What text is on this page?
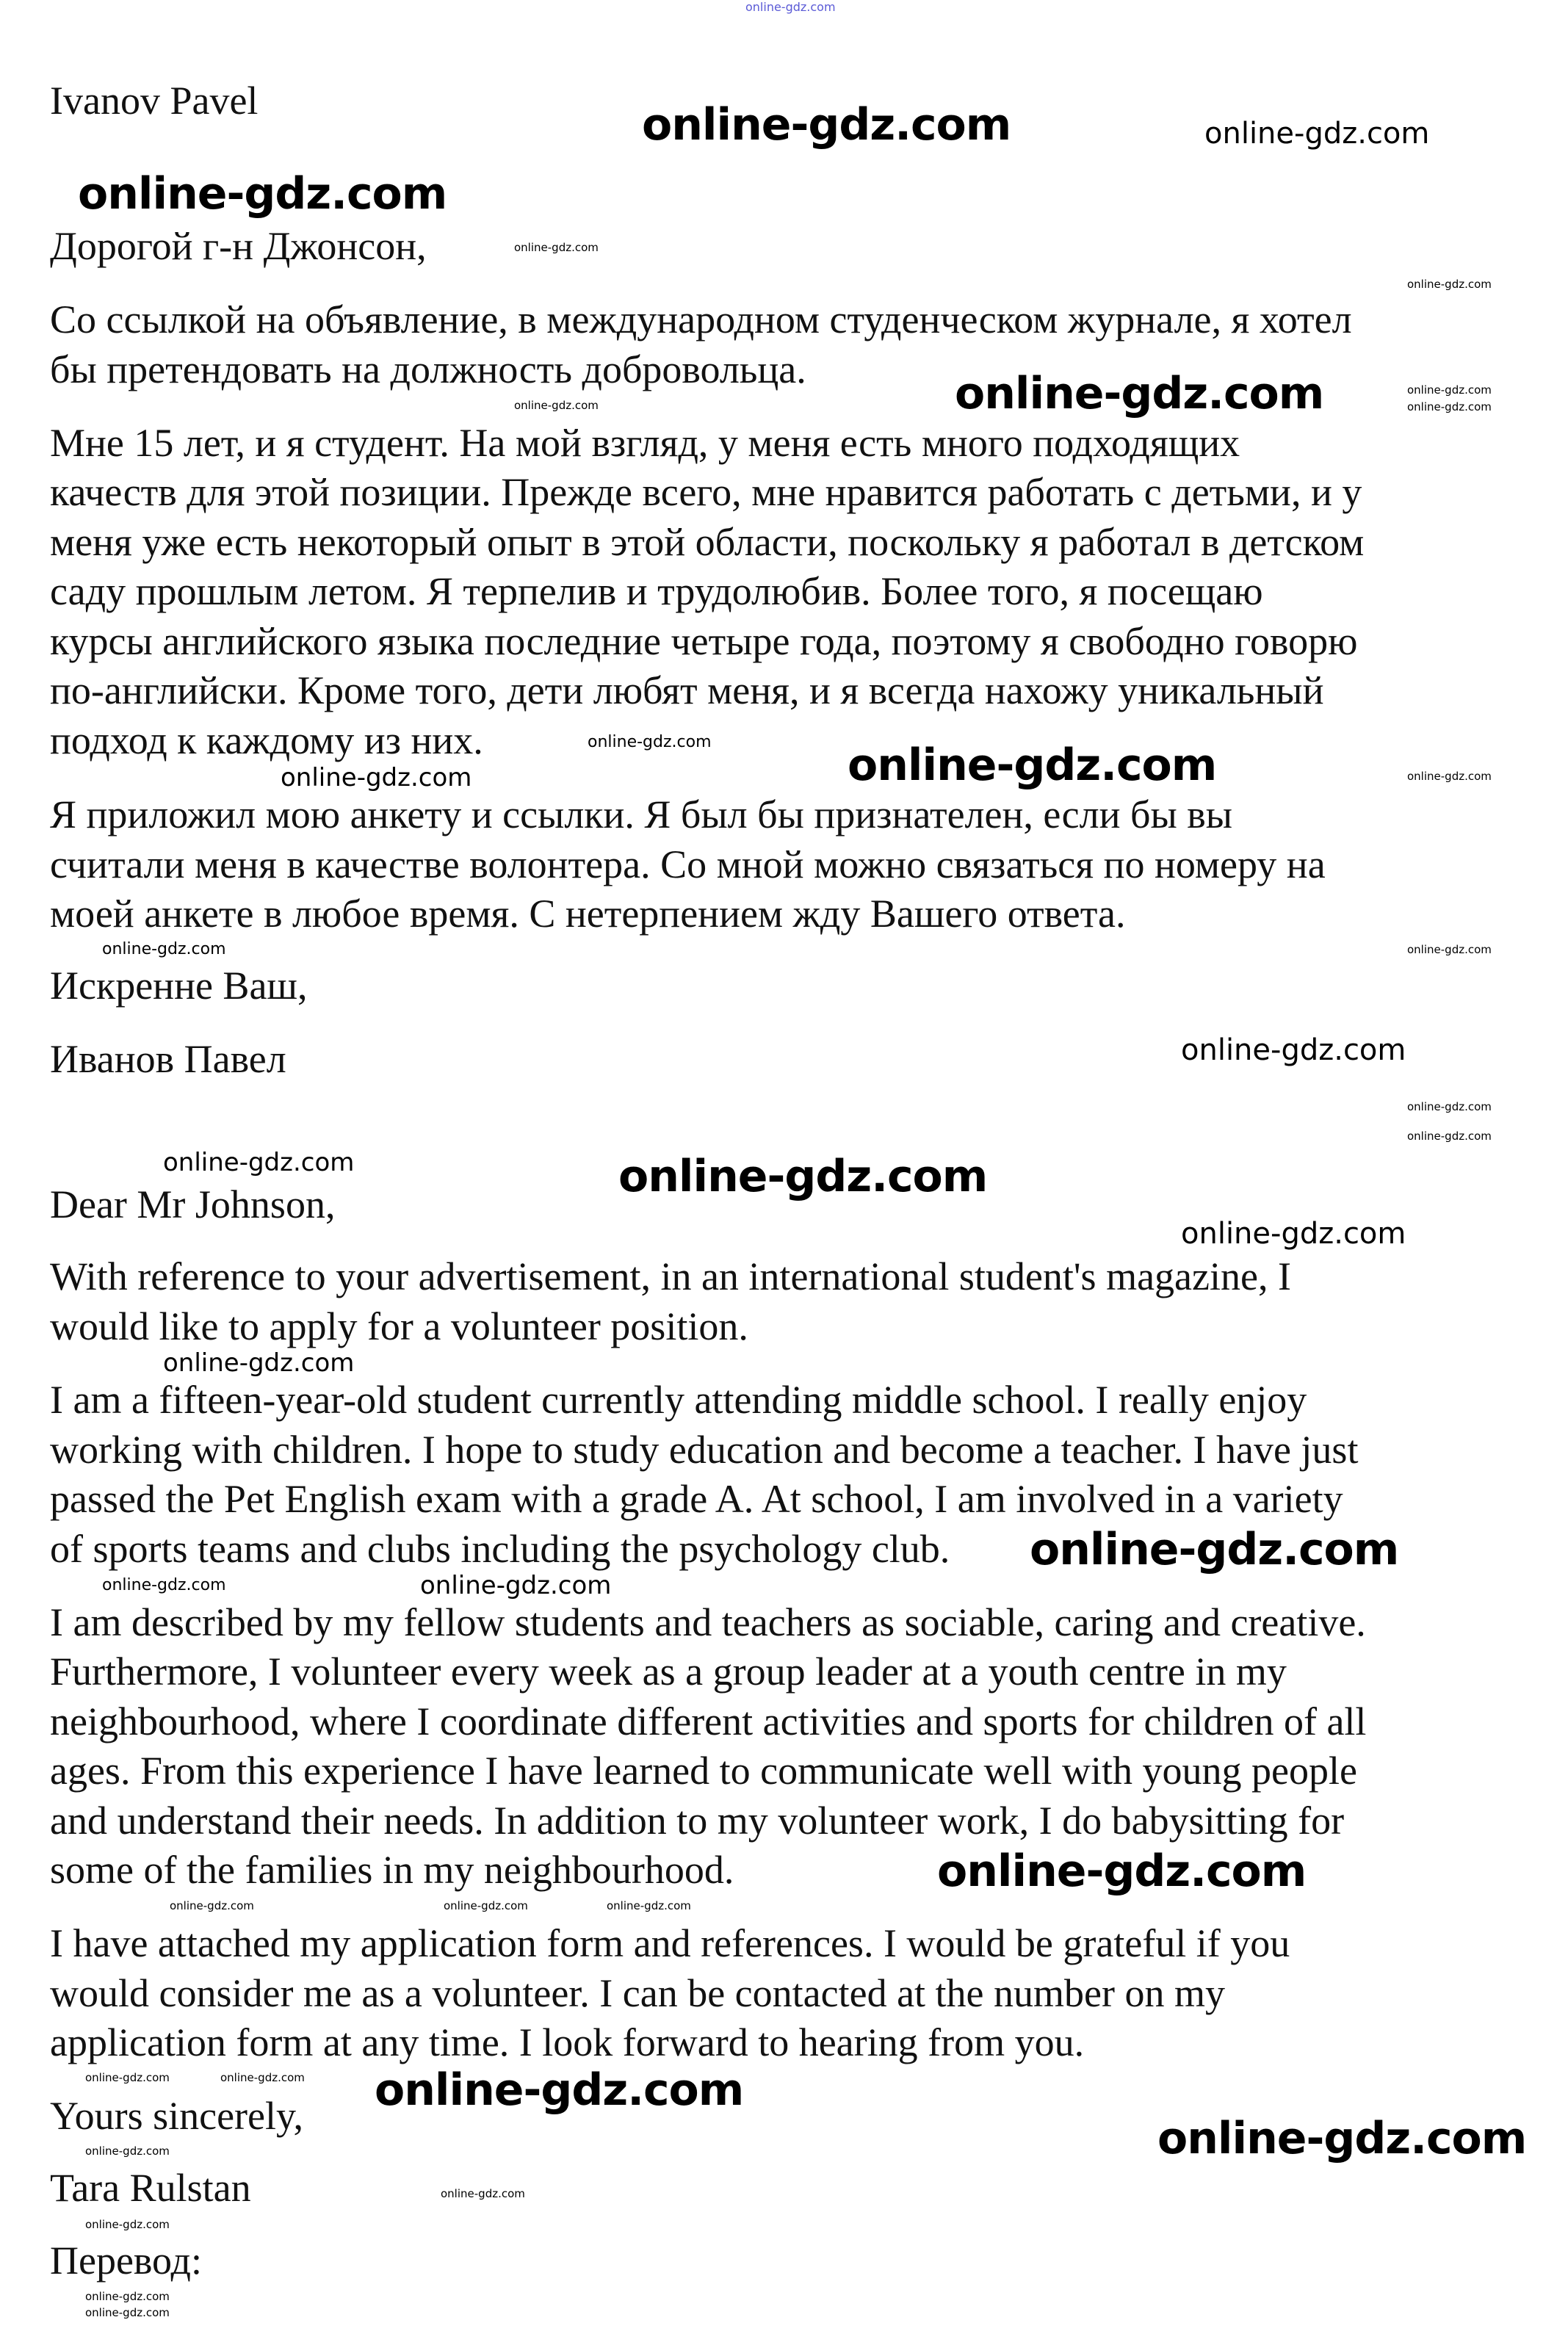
Ivanov Pavel
Дорогой г-н Джонсон,
Со ссылкой на объявление, в международном студенческом журнале, я хотел
бы претендовать на должность добровольца.
Мне 15 лет, и я студент. На мой взгляд, у меня есть много подходящих
качеств для этой позиции. Прежде всего, мне нравится работать с детьми, и у
меня уже есть некоторый опыт в этой области, поскольку я работал в детском
саду прошлым летом. Я терпелив и трудолюбив. Более того, я посещаю
курсы английского языка последние четыре года, поэтому я свободно говорю
по-английски. Кроме того, дети любят меня, и я всегда нахожу уникальный
подход к каждому из них.
Я приложил мою анкету и ссылки. Я был бы признателен, если бы вы
считали меня в качестве волонтера. Со мной можно связаться по номеру на
моей анкете в любое время. С нетерпением жду Вашего ответа.
Искренне Ваш,
Иванов Павел
Dear Mr Johnson,
With reference to your advertisement, in an international student's magazine, I
would like to apply for a volunteer position.
I am a fifteen-year-old student currently attending middle school. I really enjoy
working with children. I hope to study education and become a teacher. I have just
passed the Pet English exam with a grade A. At school, I am involved in a variety
of sports teams and clubs including the psychology club.
I am described by my fellow students and teachers as sociable, caring and creative.
Furthermore, I volunteer every week as a group leader at a youth centre in my
neighbourhood, where I coordinate different activities and sports for children of all
ages. From this experience I have learned to communicate well with young people
and understand their needs. In addition to my volunteer work, I do babysitting for
some of the families in my neighbourhood.
I have attached my application form and references. I would be grateful if you
would consider me as a volunteer. I can be contacted at the number on my
application form at any time. I look forward to hearing from you.
Yours sincerely,
Tara Rulstan
Перевод:
online-gdz.com
online-gdz.com	online-gdz.com
online-gdz.com
online-gdz.com
online-gdz.com
online-gdz.com	online-gdz.com
online-gdz.com	online-gdz.com
online-gdz.com	online-gdz.com
online-gdz.com	online-gdz.com
online-gdz.com	online-gdz.com
online-gdz.com
online-gdz.com
online-gdz.com
online-gdz.com	online-gdz.com
online-gdz.com
online-gdz.com
online-gdz.com
online-gdz.com
online-gdz.com
online-gdz.com
online-gdz.com	online-gdz.com	online-gdz.com
online-gdz.com	online-gdz.com online-gdz.com
online-gdz.com
online-gdz.com
online-gdz.com
online-gdz.com
online-gdz.com
online-gdz.com
